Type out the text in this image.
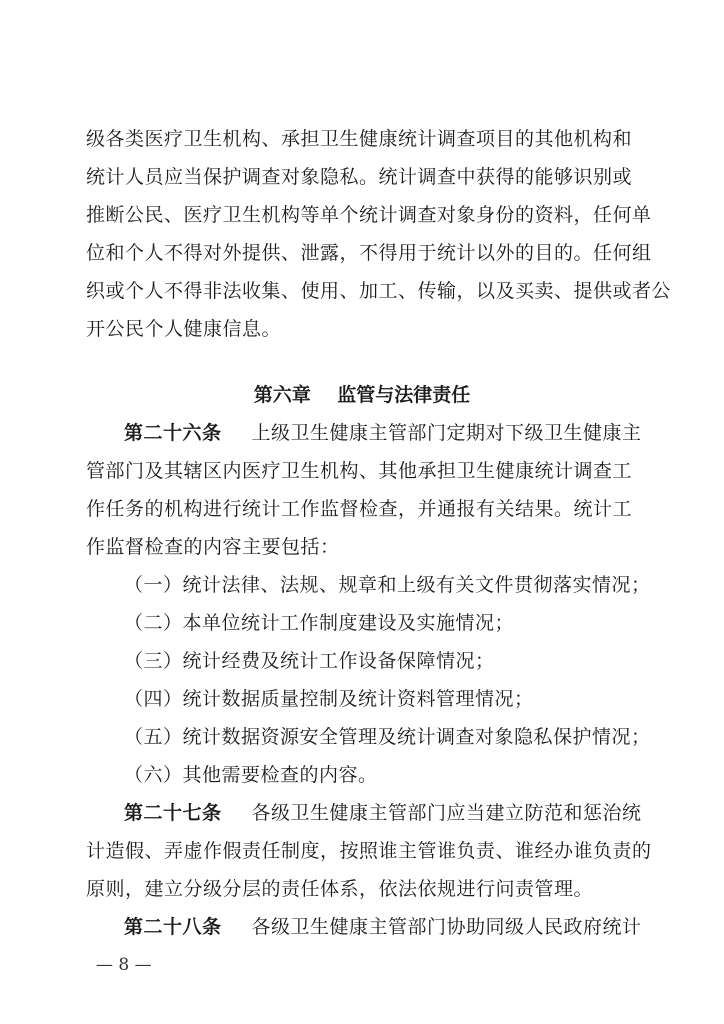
级各类医疗卫生机构、承担卫生健康统计调查项目的其他机构和
统计人员应当保护调查对象隐私。统计调查中获得的能够识别或
推断公民、医疗卫生机构等单个统计调查对象身份的资料，任何单
位和个人不得对外提供、泄露，不得用于统计以外的目的。任何组
织或个人不得非法收集、使用、加工、传输，以及买卖、提供或者公
开公民个人健康信息。
第六章    监管与法律责任
第二十六条 上级卫生健康主管部门定期对下级卫生健康主
管部门及其辖区内医疗卫生机构、其他承担卫生健康统计调查工
作任务的机构进行统计工作监督检查，并通报有关结果。统计工
作监督检查的内容主要包括：
（一）统计法律、法规、规章和上级有关文件贯彻落实情况；
（二）本单位统计工作制度建设及实施情况；
（三）统计经费及统计工作设备保障情况；
（四）统计数据质量控制及统计资料管理情况；
（五）统计数据资源安全管理及统计调查对象隐私保护情况；
（六）其他需要检查的内容。
第二十七条 各级卫生健康主管部门应当建立防范和惩治统
计造假、弄虚作假责任制度，按照谁主管谁负责、谁经办谁负责的
原则，建立分级分层的责任体系，依法依规进行问责管理。
第二十八条 各级卫生健康主管部门协助同级人民政府统计
— 8 —
